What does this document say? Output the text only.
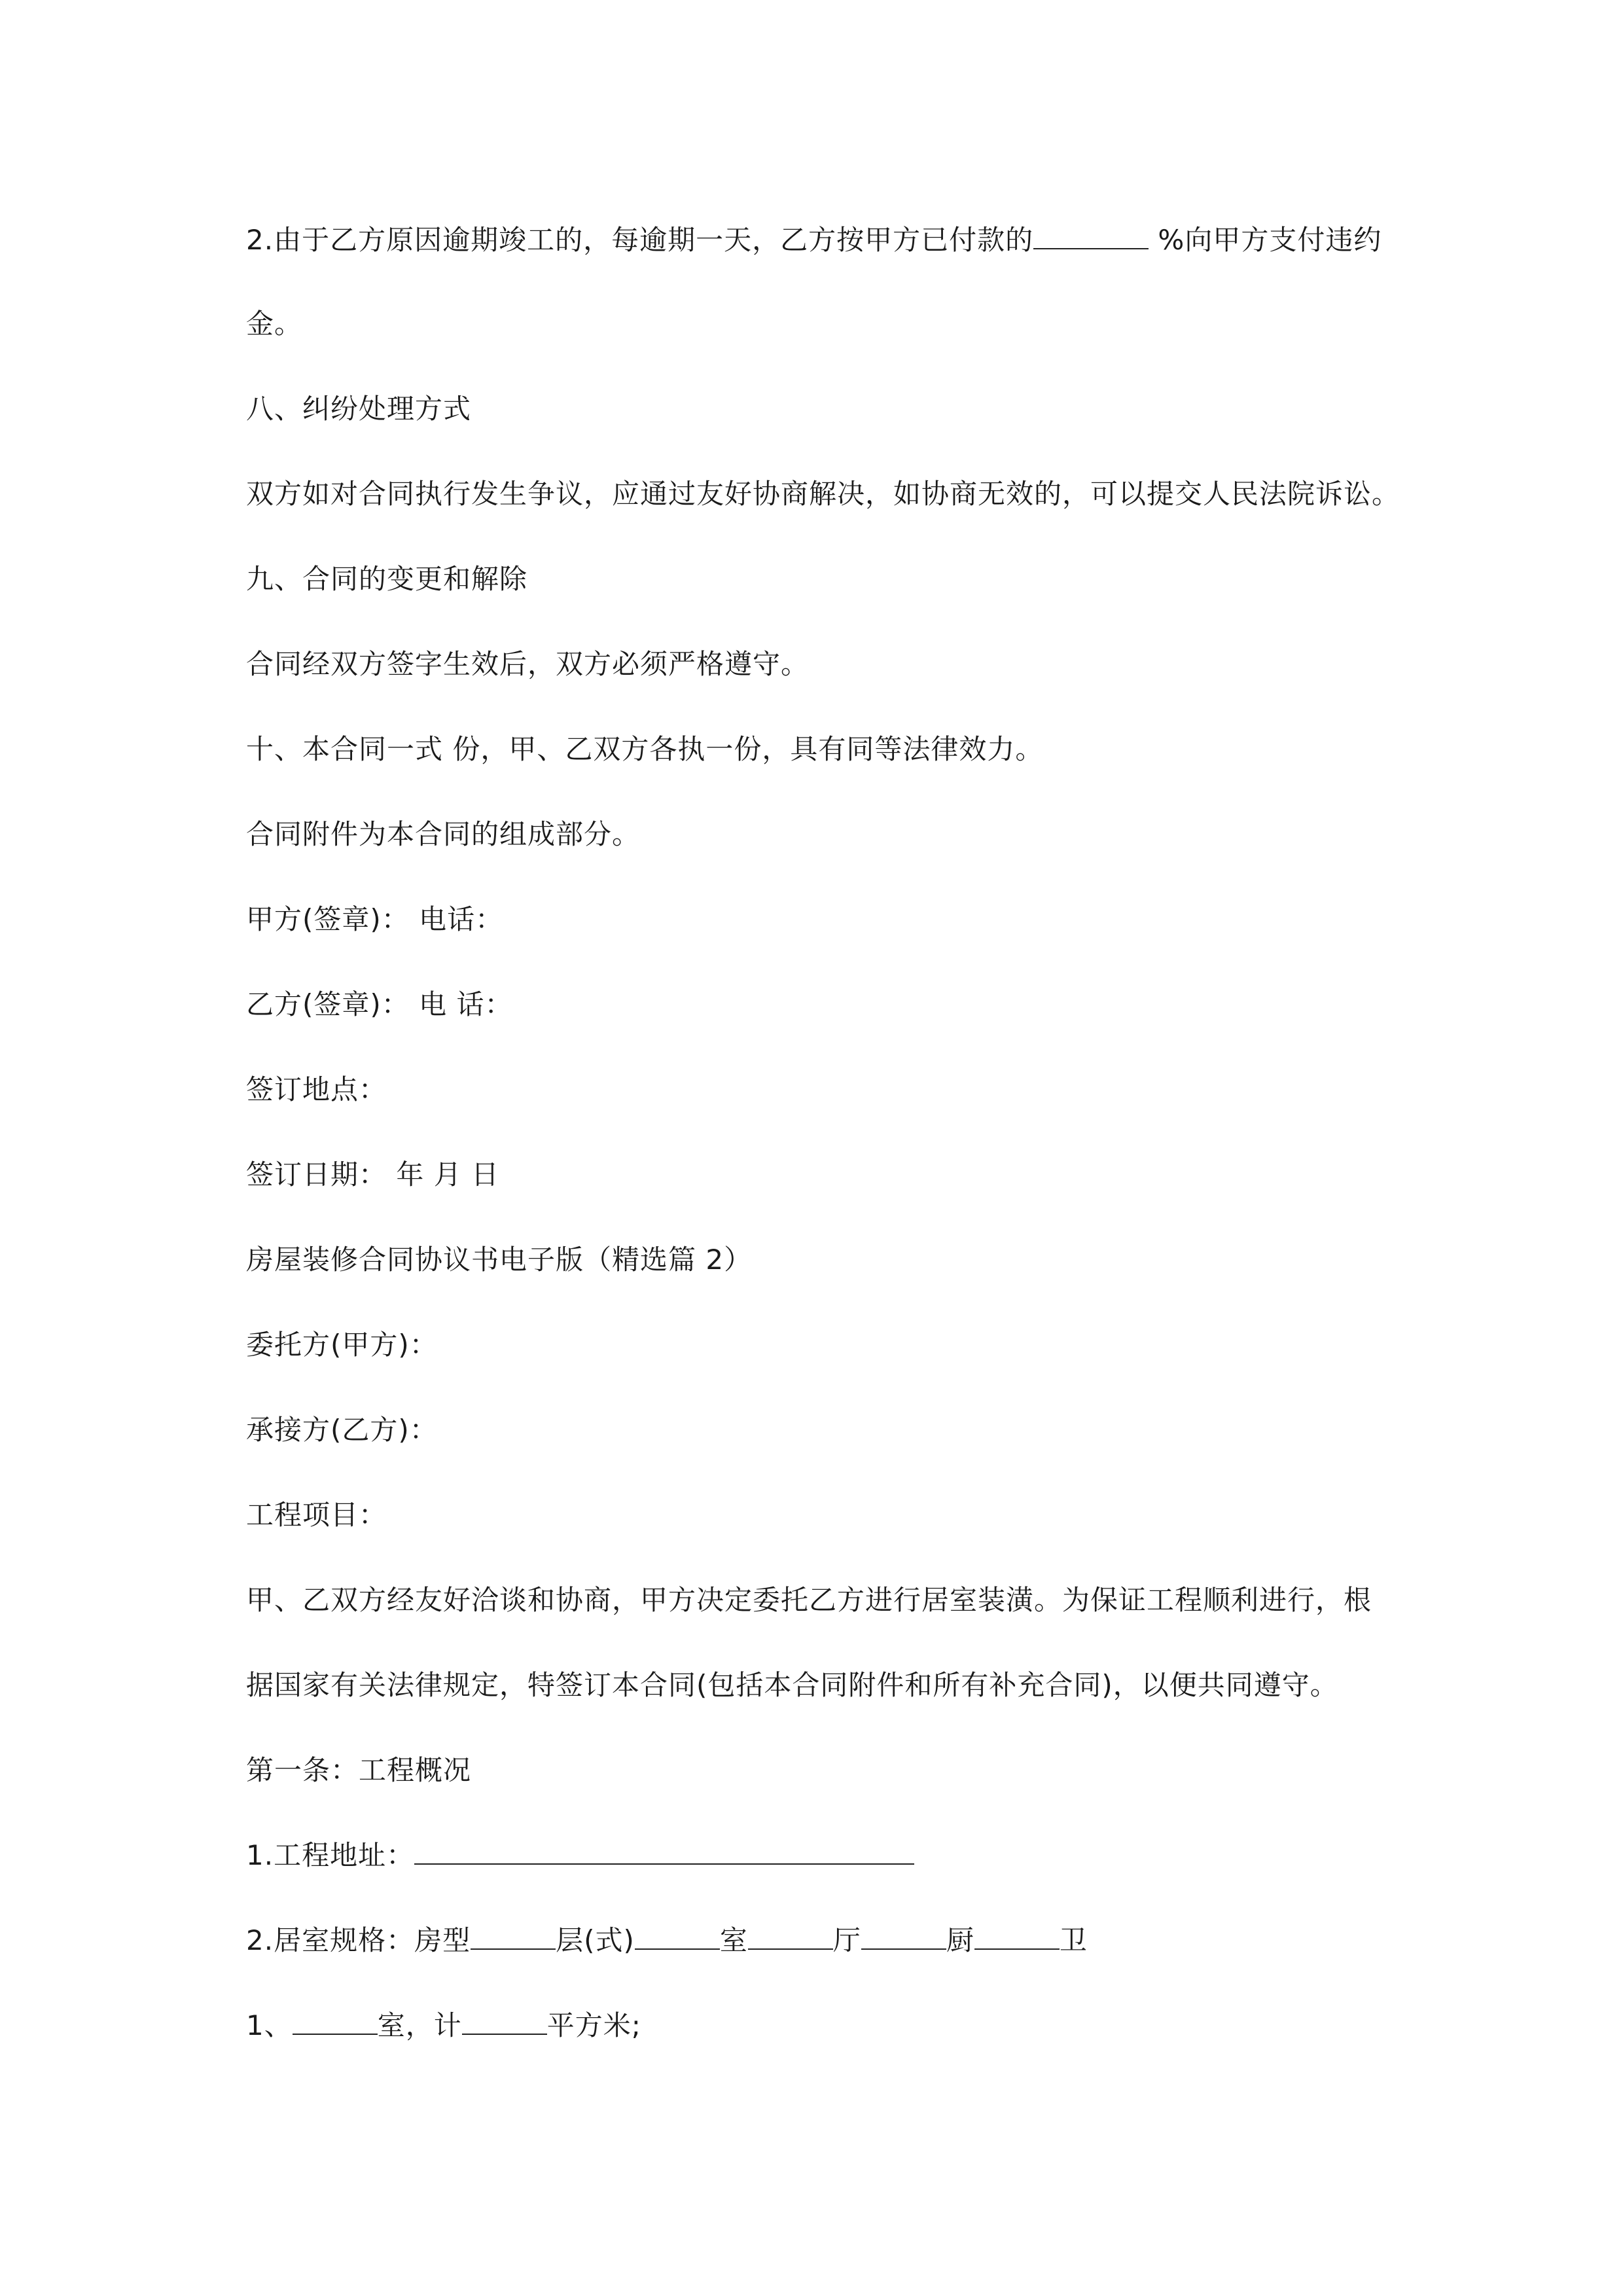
2.由于乙方原因逾期竣工的，每逾期一天，乙方按甲方已付款的	%向甲方支付违约
金。
八、纠纷处理方式
双方如对合同执行发生争议，应通过友好协商解决，如协商无效的，可以提交人民法院诉讼。
九、合同的变更和解除
合同经双方签字生效后，双方必须严格遵守。
十、本合同一式 份，甲、乙双方各执一份，具有同等法律效力。
合同附件为本合同的组成部分。
甲方(签章)： 电话：
乙方(签章)： 电 话：
签订地点：
签订日期： 年 月 日
房屋装修合同协议书电子版（精选篇 2）
委托方(甲方)：
承接方(乙方)：
工程项目：
甲、乙双方经友好洽谈和协商，甲方决定委托乙方进行居室装潢。为保证工程顺利进行，根
据国家有关法律规定，特签订本合同(包括本合同附件和所有补充合同)，以便共同遵守。
第一条：工程概况
1.工程地址：
2.居室规格：房型	层(式)	室	厅	厨	卫
1、	室，计	平方米;
